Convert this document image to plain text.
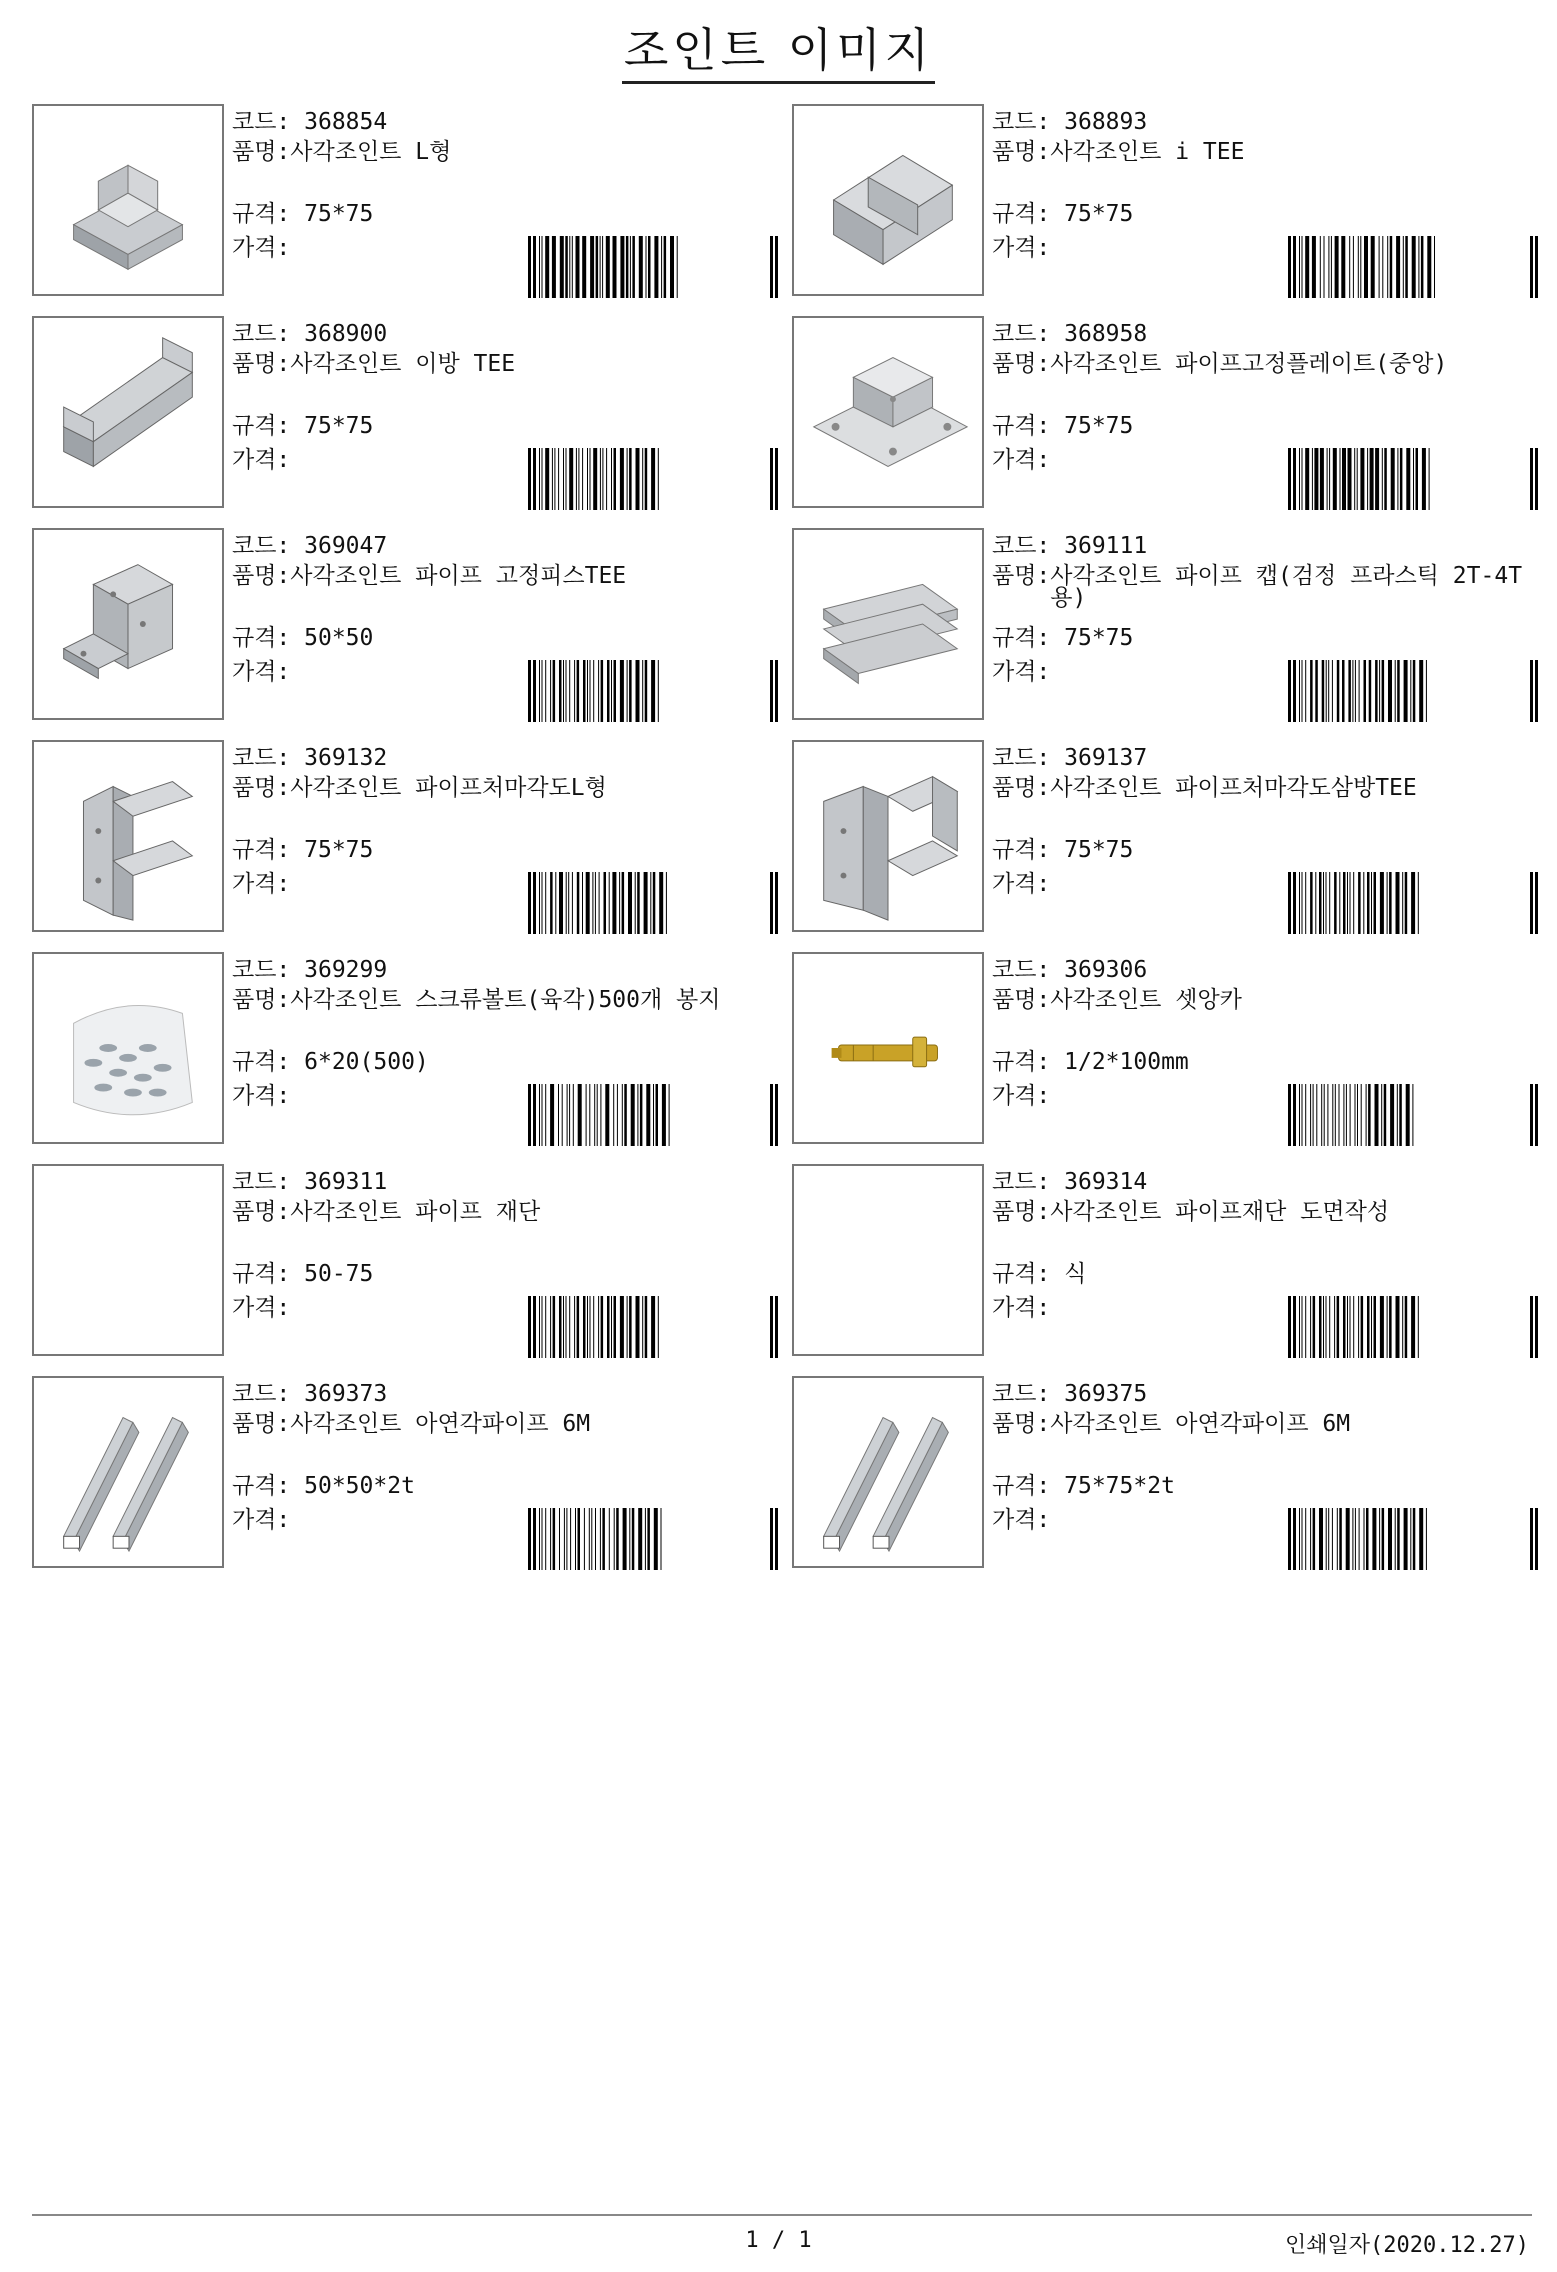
조인트 이미지
코드: 368854
품명: 사각조인트 L형
규격: 75*75
가격:
코드: 368893
품명: 사각조인트 i TEE
규격: 75*75
가격:
코드: 368900
품명: 사각조인트 이방 TEE
규격: 75*75
가격:
코드: 368958
품명: 사각조인트 파이프고정플레이트(중앙)
규격: 75*75
가격:
코드: 369047
품명: 사각조인트 파이프 고정피스TEE
규격: 50*50
가격:
코드: 369111
품명: 사각조인트 파이프 캡(검정 프라스틱 2T-4T용)
규격: 75*75
가격:
코드: 369132
품명: 사각조인트 파이프처마각도L형
규격: 75*75
가격:
코드: 369137
품명: 사각조인트 파이프처마각도삼방TEE
규격: 75*75
가격:
코드: 369299
품명: 사각조인트 스크류볼트(육각)500개 봉지
규격: 6*20(500)
가격:
코드: 369306
품명: 사각조인트 셋앙카
규격: 1/2*100mm
가격:
코드: 369311
품명: 사각조인트 파이프 재단
규격: 50-75
가격:
코드: 369314
품명: 사각조인트 파이프재단 도면작성
규격: 식
가격:
코드: 369373
품명: 사각조인트 아연각파이프 6M
규격: 50*50*2t
가격:
코드: 369375
품명: 사각조인트 아연각파이프 6M
규격: 75*75*2t
가격:
1 / 1	인쇄일자(2020.12.27)
